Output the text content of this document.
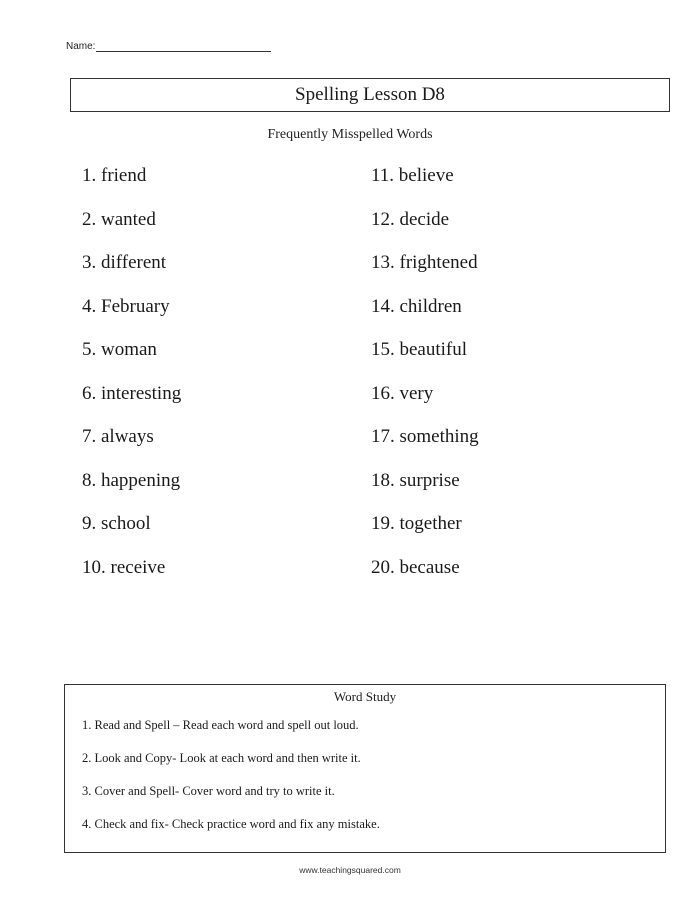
Name:
Spelling Lesson D8
Frequently Misspelled Words
1. friend
2. wanted
3. different
4. February
5. woman
6. interesting
7. always
8. happening
9. school
10. receive
11. believe
12. decide
13. frightened
14. children
15. beautiful
16. very
17. something
18. surprise
19. together
20. because
Word Study
1. Read and Spell – Read each word and spell out loud.
2. Look and Copy- Look at each word and then write it.
3. Cover and Spell- Cover word and try to write it.
4. Check and fix- Check practice word and fix any mistake.
www.teachingsquared.com
